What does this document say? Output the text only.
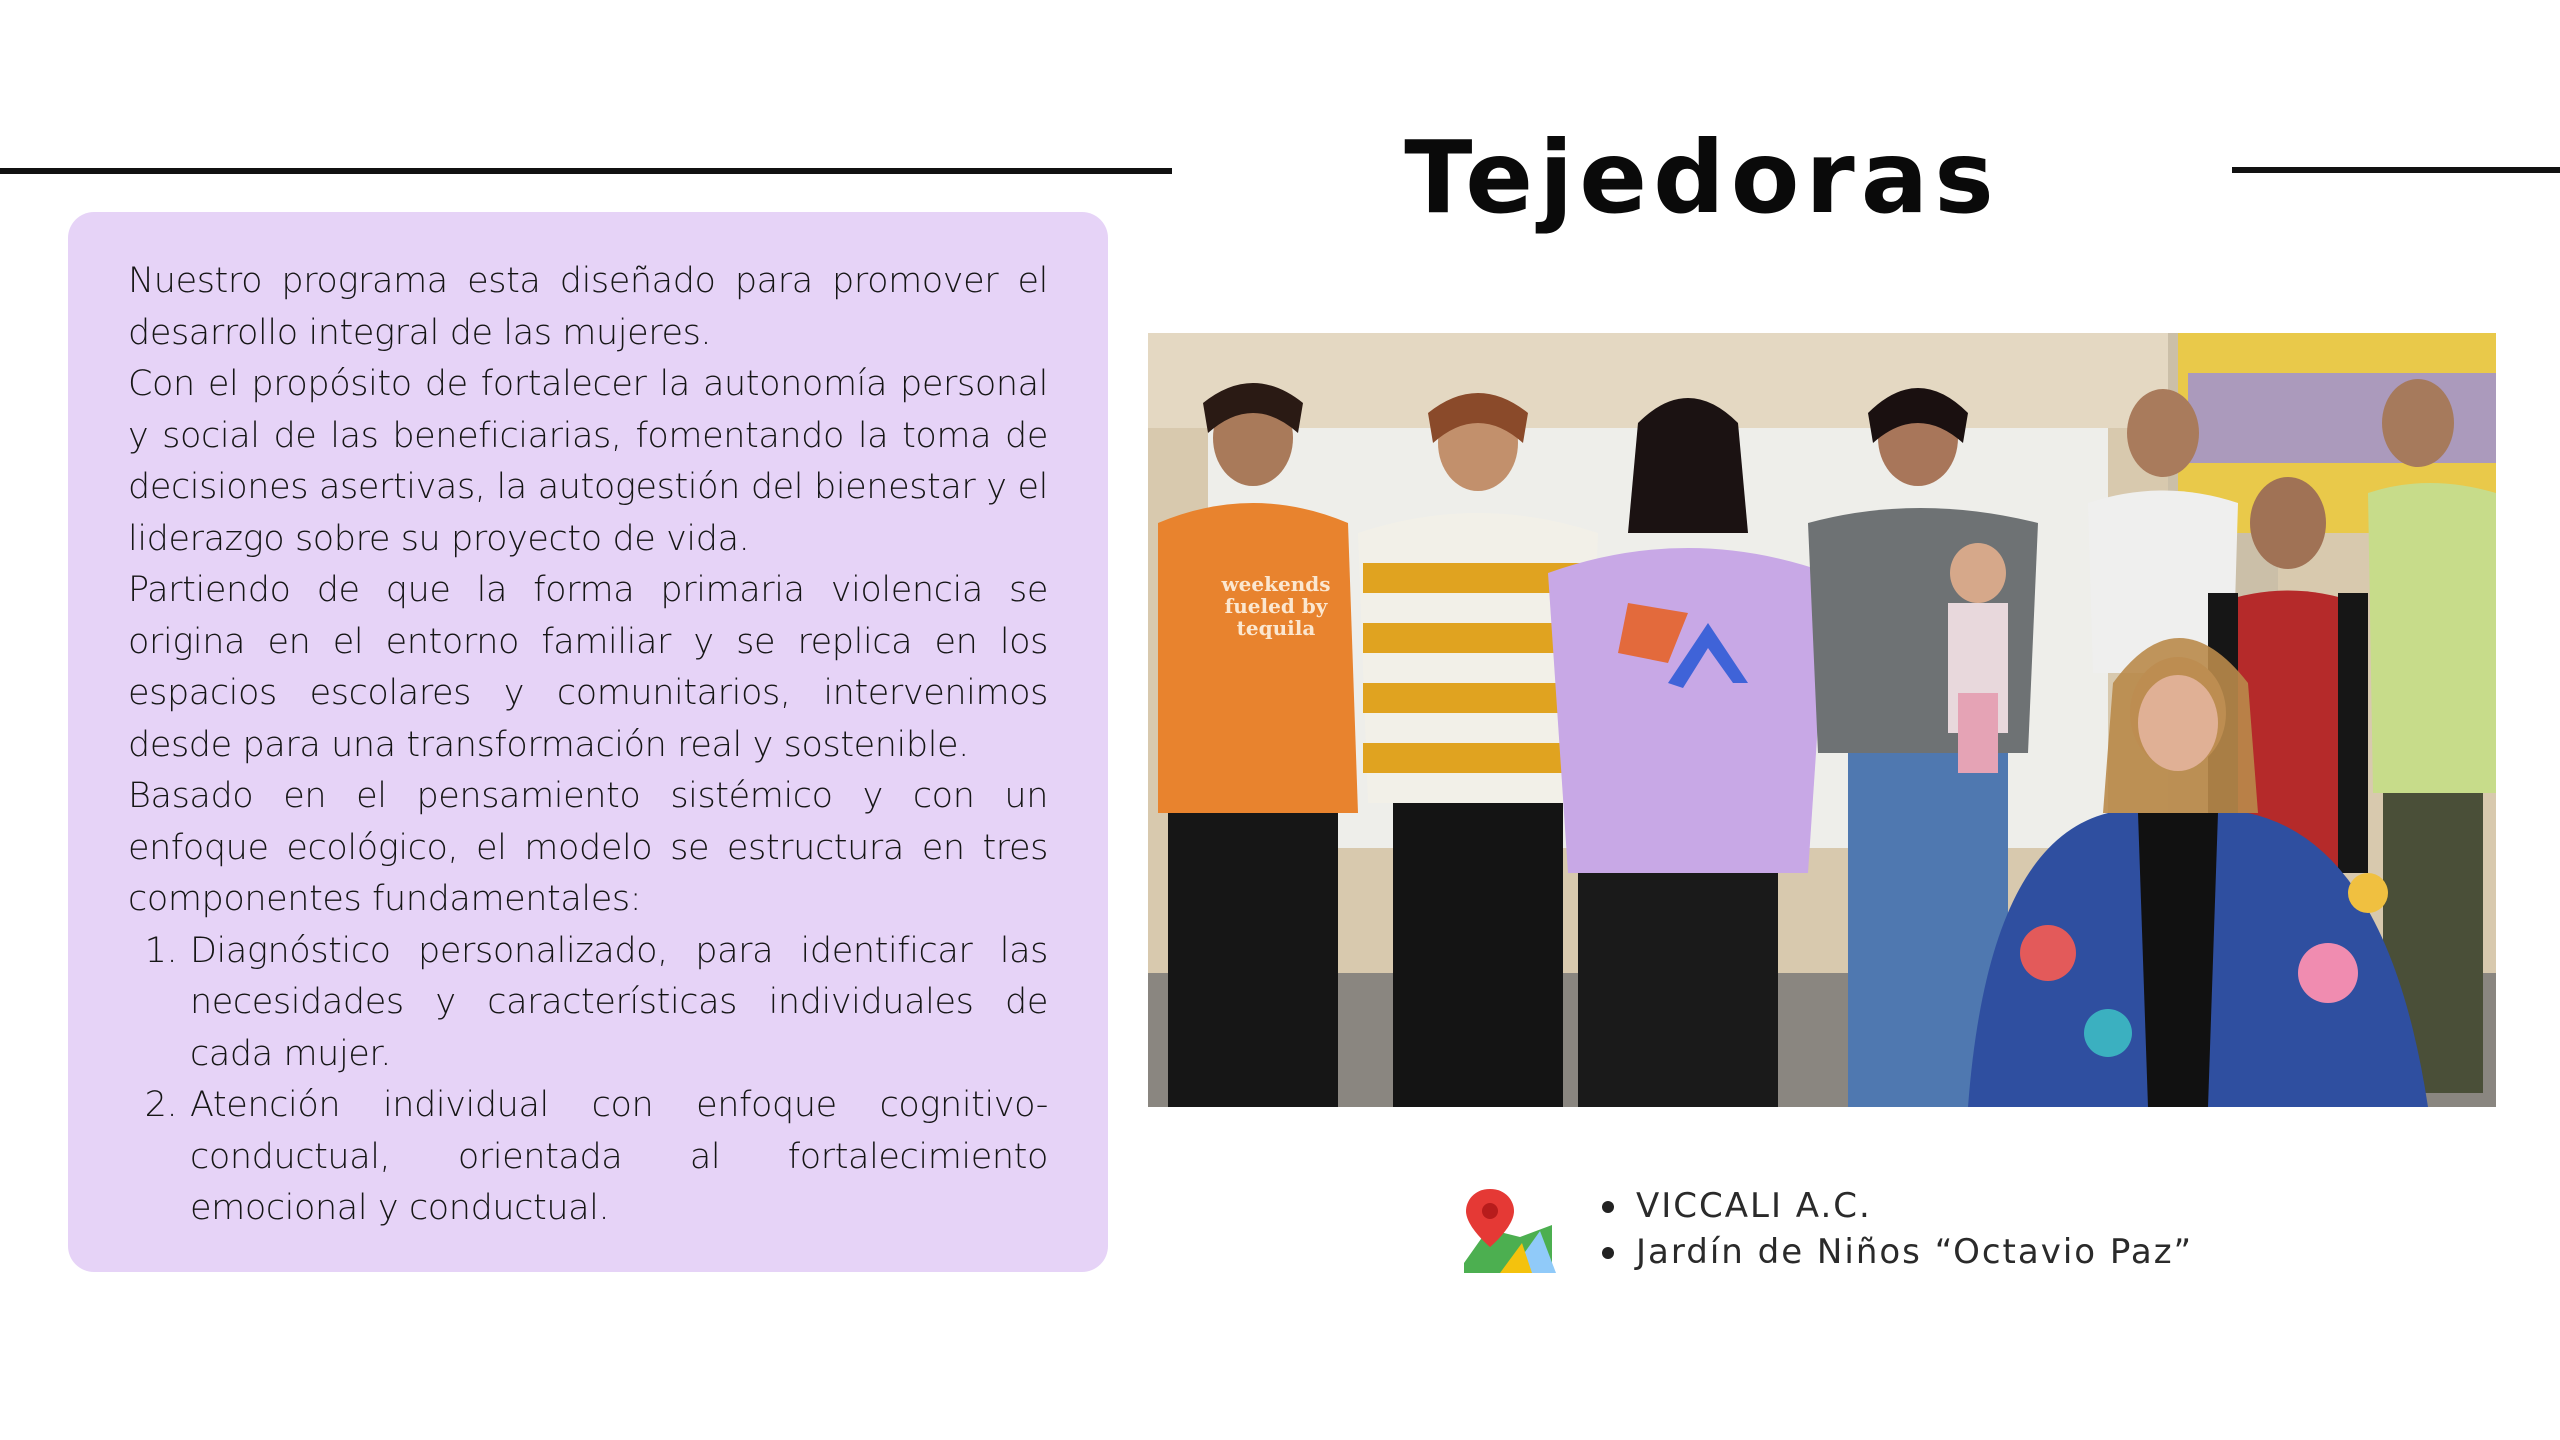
Tejedoras

Nuestro programa esta diseñado para promover el desarrollo integral de las mujeres.

Con el propósito de fortalecer la autonomía personal y social de las beneficiarias, fomentando la toma de decisiones asertivas, la autogestión del bienestar y el liderazgo sobre su proyecto de vida.

Partiendo de que la forma primaria violencia se origina en el entorno familiar y se replica en los espacios escolares y comunitarios, intervenimos desde para una transformación real y sostenible.

Basado en el pensamiento sistémico y con un enfoque ecológico, el modelo se estructura en tres componentes fundamentales:

1. Diagnóstico personalizado, para identificar las necesidades y características individuales de cada mujer.
2. Atención individual con enfoque cognitivo-conductual, orientada al fortalecimiento emocional y conductual.
weekends
fueled by
tequila
VICCALI A.C.
Jardín de Niños “Octavio Paz”
